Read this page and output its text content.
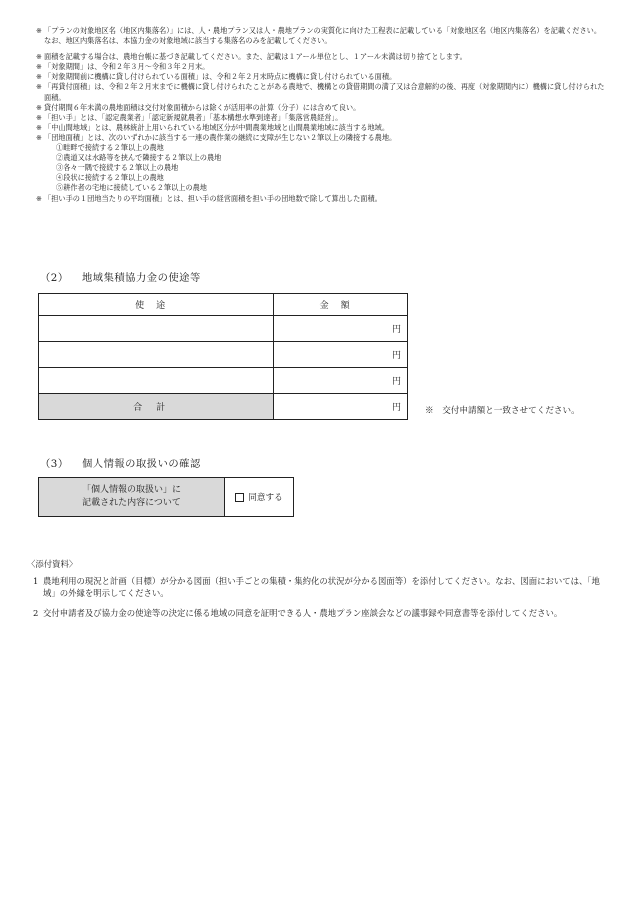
※ 「プランの対象地区名（地区内集落名）」には、人・農地プラン又は人・農地プランの実質化に向けた工程表に記載している「対象地区名（地区内集落名）を記載ください。なお、地区内集落名は、本協力金の対象地域に該当する集落名のみを記載してください。
※ 面積を記載する場合は、農地台帳に基づき記載してください。また、記載は１アール単位とし、１アール未満は切り捨てとします。
※ 「対象期間」は、令和２年３月～令和３年２月末。
※ 「対象期間前に機構に貸し付けられている面積」は、令和２年２月末時点に機構に貸し付けられている面積。
※ 「再貸付面積」は、令和２年２月末までに機構に貸し付けられたことがある農地で、機構との貸借期間の満了又は合意解約の後、再度（対象期間内に）機構に貸し付けられた面積。
※ 貸付期間６年未満の農地面積は交付対象面積からは除くが活用率の計算（分子）には含めて良い。
※ 「担い手」とは、「認定農業者」「認定新規就農者」「基本構想水準到達者」「集落営農経営」。
※ 「中山間地域」とは、農林統計上用いられている地域区分が中間農業地域と山間農業地域に該当する地域。
※ 「団地面積」とは、次のいずれかに該当する一連の農作業の継続に支障が生じない２筆以上の隣接する農地。
①畦畔で接続する２筆以上の農地
②農道又は水路等を挟んで隣接する２筆以上の農地
③各々一隅で接続する２筆以上の農地
④段状に接続する２筆以上の農地
⑤耕作者の宅地に接続している２筆以上の農地
※ 「担い手の１団地当たりの平均面積」とは、担い手の経営面積を担い手の団地数で除して算出した面積。
（2） 地域集積協力金の使途等
使途	金額
	円
	円
	円
合計	円	※　交付申請額と一致させてください。
（3） 個人情報の取扱いの確認
「個人情報の取扱い」に
記載された内容について	同意する
〈添付資料〉
1 農地利用の現況と計画（目標）が分かる図面（担い手ごとの集積・集約化の状況が分かる図面等）を添付してください。なお、図面においては、「地域」の外縁を明示してください。
2 交付申請者及び協力金の使途等の決定に係る地域の同意を証明できる人・農地プラン座談会などの議事録や同意書等を添付してください。
